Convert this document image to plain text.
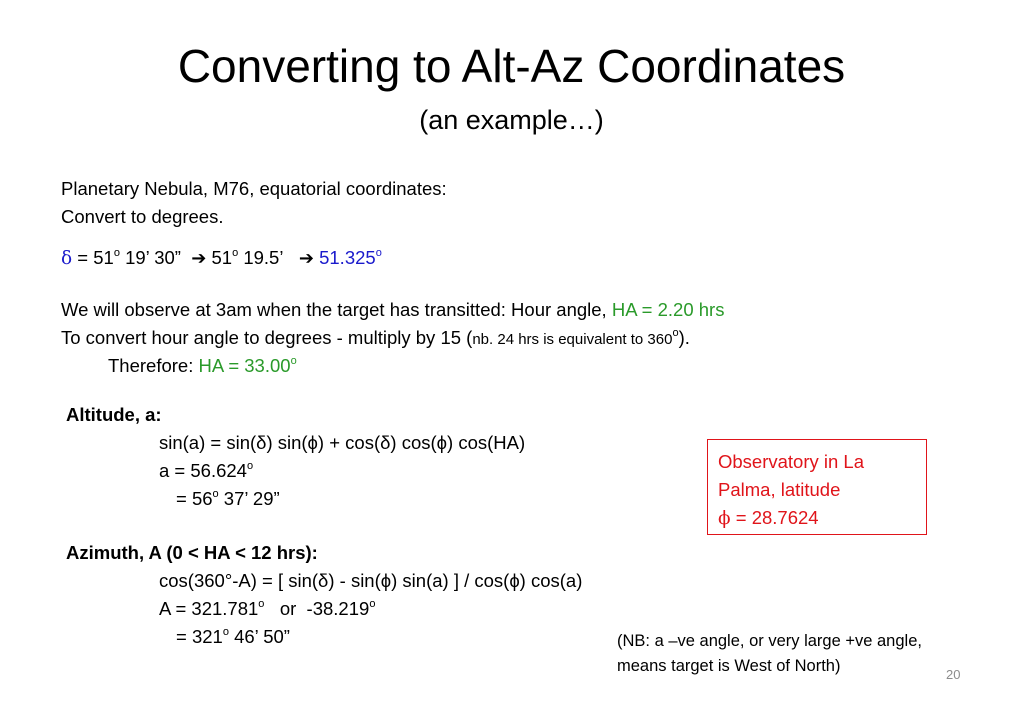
Converting to Alt-Az Coordinates
(an example…)
Planetary Nebula, M76, equatorial coordinates:
Convert to degrees.
$\delta = 51^o$ 19’ 30” ➔ 51$^o$ 19.5’ ➔ 51.325$^o$
We will observe at 3am when the target has transitted: Hour angle, HA = 2.20 hrs
To convert hour angle to degrees - multiply by 15 (nb. 24 hrs is equivalent to 360$^o$).
Therefore: HA = $33.00^o$
Altitude, a:
sin(a) = sin(δ) sin(ϕ) + cos(δ) cos(ϕ) cos(HA)
$a = 56.624^o$
= $56^o$ 37’ 29”
Observatory in La
Palma, latitude
ϕ = 28.7624
Azimuth, A (0 < HA < 12 hrs):
cos(360°-A) = [ sin(δ) - sin(ϕ) sin(a) ] / cos(ϕ) cos(a)
$A = 321.781^o$   or  $-38.219^o$
= $321^o$ 46’ 50”	(NB: a –ve angle, or very large +ve angle,
means target is West of North)	20
